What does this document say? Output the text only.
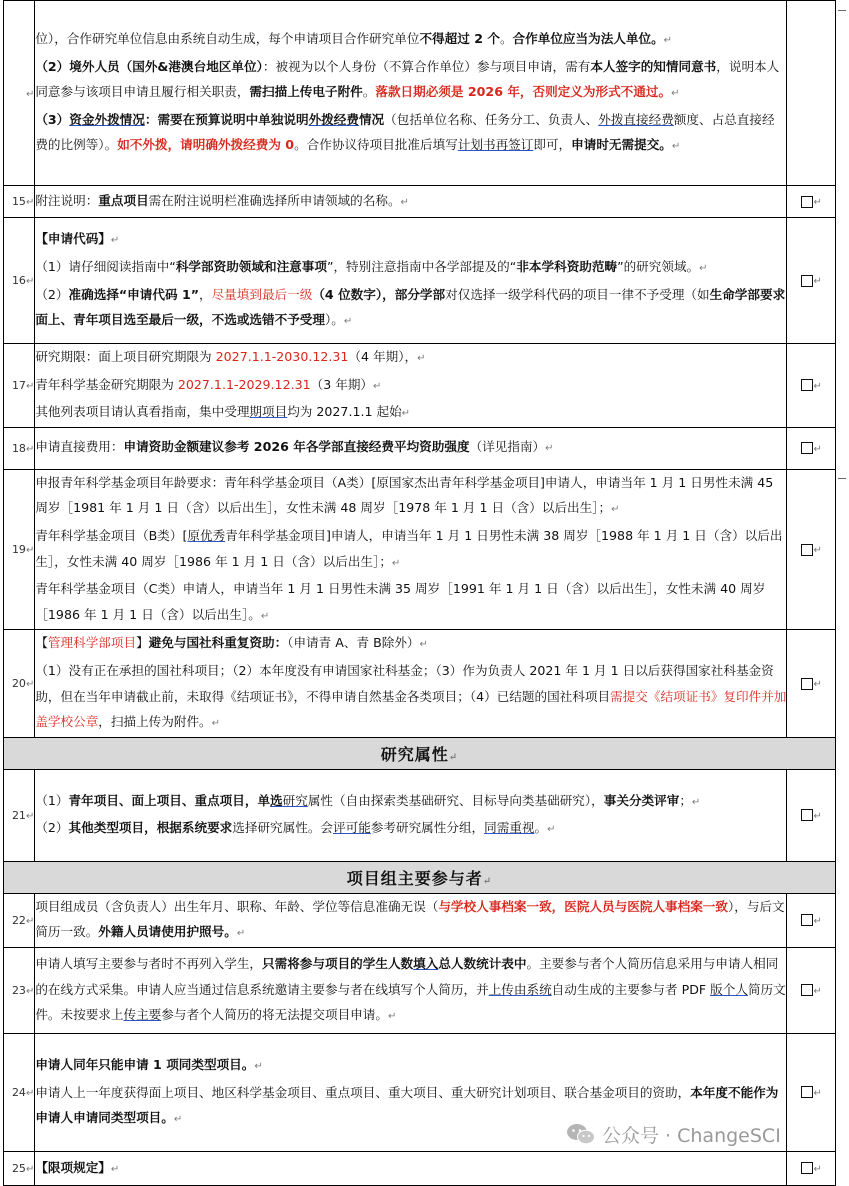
↵	位），合作研究单位信息由系统自动生成，每个申请项目合作研究单位不得超过 2 个。合作单位应当为法人单位。↵

（2）境外人员（国外&港澳台地区单位）：被视为以个人身份（不算合作单位）参与项目申请，需有本人签字的知情同意书，说明本人同意参与该项目申请且履行相关职责，需扫描上传电子附件。落款日期必须是 2026 年，否则定义为形式不通过。↵

（3）资金外拨情况：需要在预算说明中单独说明外拨经费情况（包括单位名称、任务分工、负责人、外拨直接经费额度、占总直接经费的比例等）。如不外拨，请明确外拨经费为 0。合作协议待项目批准后填写计划书再签订即可，申请时无需提交。↵	

15↵	附注说明：重点项目需在附注说明栏准确选择所申请领域的名称。↵	↵
16↵	【申请代码】↵

（1）请仔细阅读指南中“科学部资助领域和注意事项”，特别注意指南中各学部提及的“非本学科资助范畴”的研究领域。↵

（2）准确选择“申请代码 1”，尽量填到最后一级（4 位数字），部分学部对仅选择一级学科代码的项目一律不予受理（如生命学部要求面上、青年项目选至最后一级，不选或选错不予受理）。↵	↵
17↵	研究期限：面上项目研究期限为 2027.1.1-2030.12.31（4 年期），↵

青年科学基金研究期限为 2027.1.1-2029.12.31（3 年期）↵

其他列表项目请认真看指南，集中受理期项目均为 2027.1.1 起始↵	↵
18↵	申请直接费用：申请资助金额建议参考 2026 年各学部直接经费平均资助强度（详见指南）↵	↵
19↵	申报青年科学基金项目年龄要求：青年科学基金项目（A类）[原国家杰出青年科学基金项目]申请人，申请当年 1 月 1 日男性未满 45 周岁［1981 年 1 月 1 日（含）以后出生］，女性未满 48 周岁［1978 年 1 月 1 日（含）以后出生］；↵

青年科学基金项目（B类）[原优秀青年科学基金项目]申请人，申请当年 1 月 1 日男性未满 38 周岁［1988 年 1 月 1 日（含）以后出生］，女性未满 40 周岁［1986 年 1 月 1 日（含）以后出生］；↵

青年科学基金项目（C类）申请人，申请当年 1 月 1 日男性未满 35 周岁［1991 年 1 月 1 日（含）以后出生］，女性未满 40 周岁［1986 年 1 月 1 日（含）以后出生］。↵	↵
20↵	【管理科学部项目】避免与国社科重复资助：（申请青 A、青 B除外）↵

（1）没有正在承担的国社科项目；（2）本年度没有申请国家社科基金；（3）作为负责人 2021 年 1 月 1 日以后获得国家社科基金资助，但在当年申请截止前，未取得《结项证书》，不得申请自然基金各类项目；（4）已结题的国社科项目需提交《结项证书》复印件并加盖学校公章，扫描上传为附件。↵	↵
研究属性↵		
21↵	（1）青年项目、面上项目、重点项目，单选研究属性（自由探索类基础研究、目标导向类基础研究），事关分类评审；↵

（2）其他类型项目，根据系统要求选择研究属性。会评可能参考研究属性分组，同需重视。↵	↵
项目组主要参与者↵		
22↵	项目组成员（含负责人）出生年月、职称、年龄、学位等信息准确无误（与学校人事档案一致，医院人员与医院人事档案一致），与后文简历一致。外籍人员请使用护照号。↵	↵
23↵	申请人填写主要参与者时不再列入学生，只需将参与项目的学生人数填入总人数统计表中。主要参与者个人简历信息采用与申请人相同的在线方式采集。申请人应当通过信息系统邀请主要参与者在线填写个人简历，并上传由系统自动生成的主要参与者 PDF 版个人简历文件。未按要求上传主要参与者个人简历的将无法提交项目申请。↵	↵
24↵	申请人同年只能申请 1 项同类型项目。↵

申请人上一年度获得面上项目、地区科学基金项目、重点项目、重大项目、重大研究计划项目、联合基金项目的资助，本年度不能作为申请人申请同类型项目。↵	↵
25↵	【限项规定】↵	↵
公众号 · ChangeSCI
